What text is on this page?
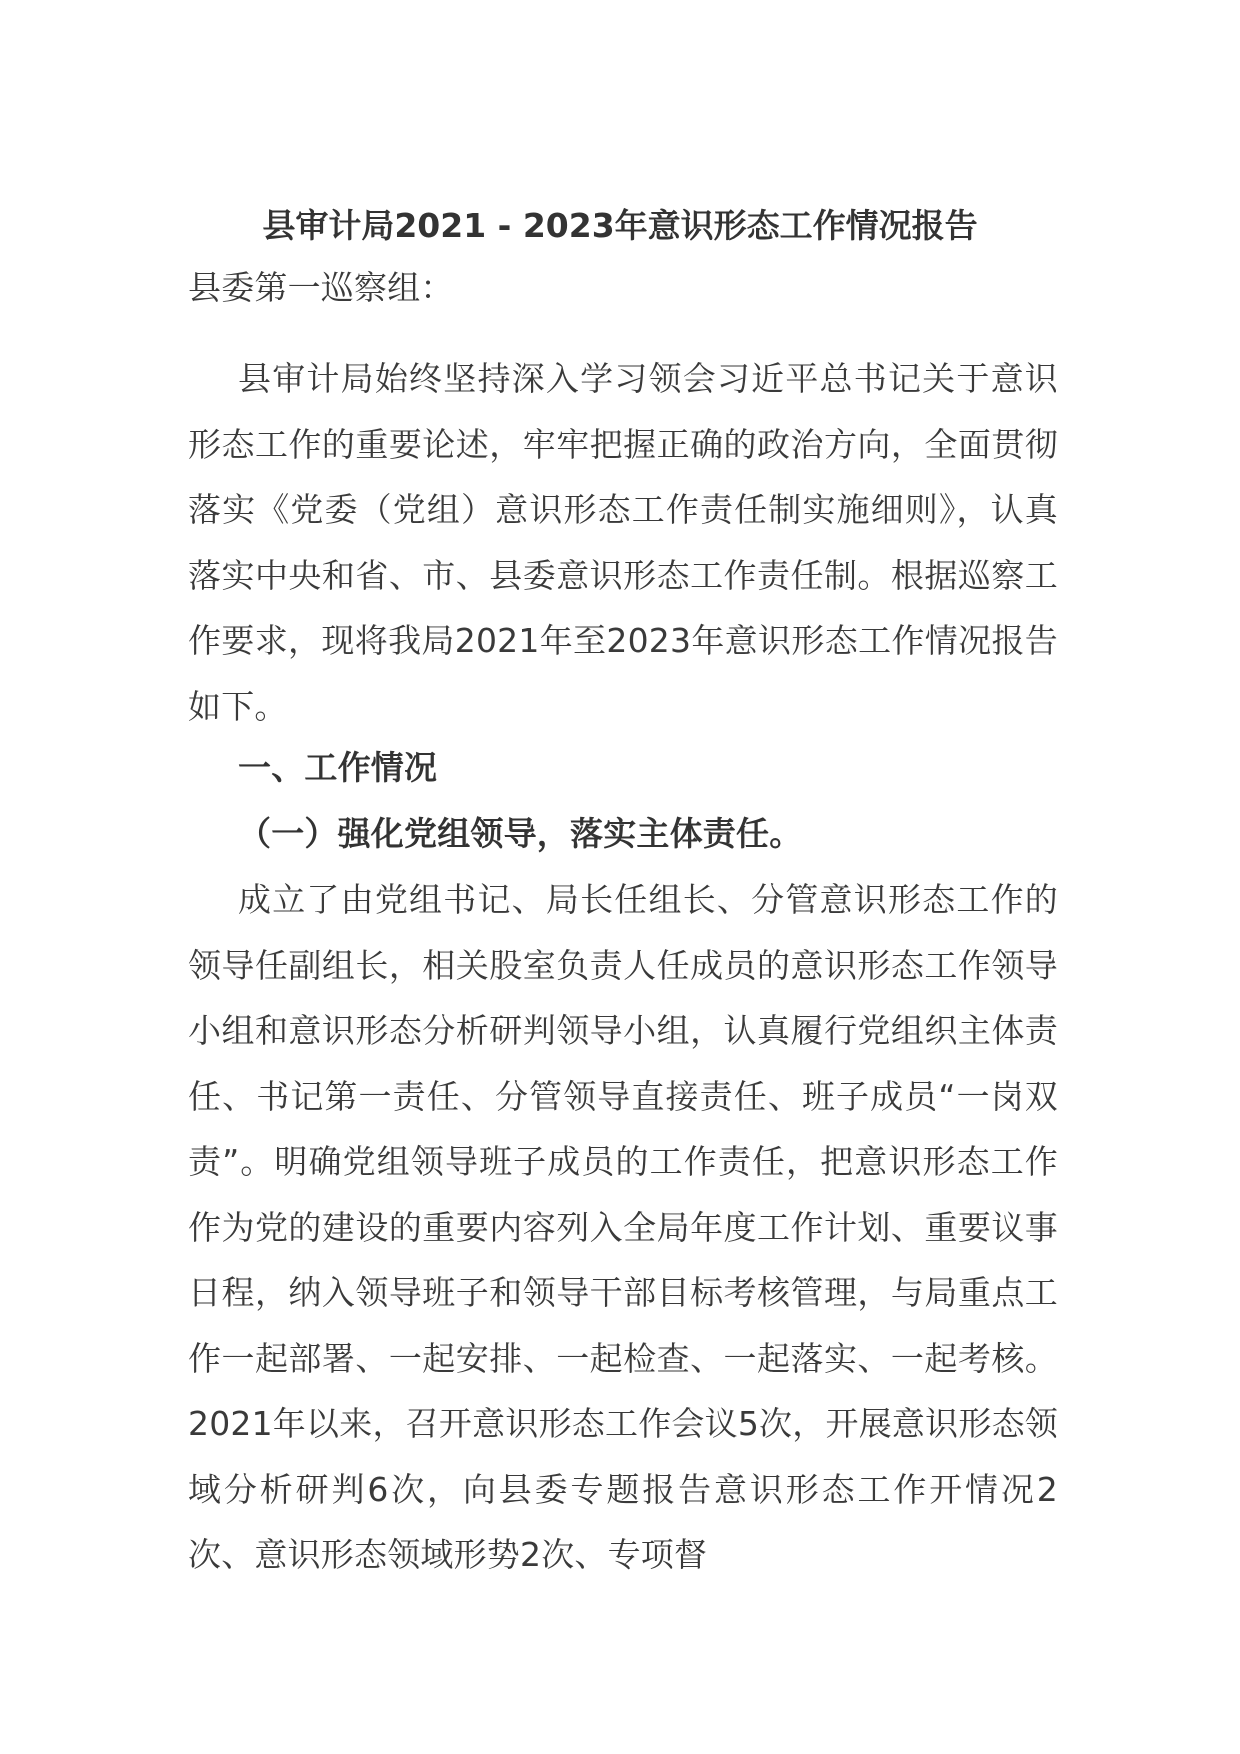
县审计局2021 - 2023年意识形态工作情况报告

县委第一巡察组：

县审计局始终坚持深入学习领会习近平总书记关于意识形态工作的重要论述，牢牢把握正确的政治方向，全面贯彻落实《党委（党组）意识形态工作责任制实施细则》，认真落实中央和省、市、县委意识形态工作责任制。根据巡察工作要求，现将我局2021年至2023年意识形态工作情况报告如下。

一、工作情况

（一）强化党组领导，落实主体责任。

成立了由党组书记、局长任组长、分管意识形态工作的领导任副组长，相关股室负责人任成员的意识形态工作领导小组和意识形态分析研判领导小组，认真履行党组织主体责任、书记第一责任、分管领导直接责任、班子成员“一岗双责”。明确党组领导班子成员的工作责任，把意识形态工作作为党的建设的重要内容列入全局年度工作计划、重要议事日程，纳入领导班子和领导干部目标考核管理，与局重点工作一起部署、一起安排、一起检查、一起落实、一起考核。2021年以来，召开意识形态工作会议5次，开展意识形态领域分析研判6次，向县委专题报告意识形态工作开情况2次、意识形态领域形势2次、专项督
